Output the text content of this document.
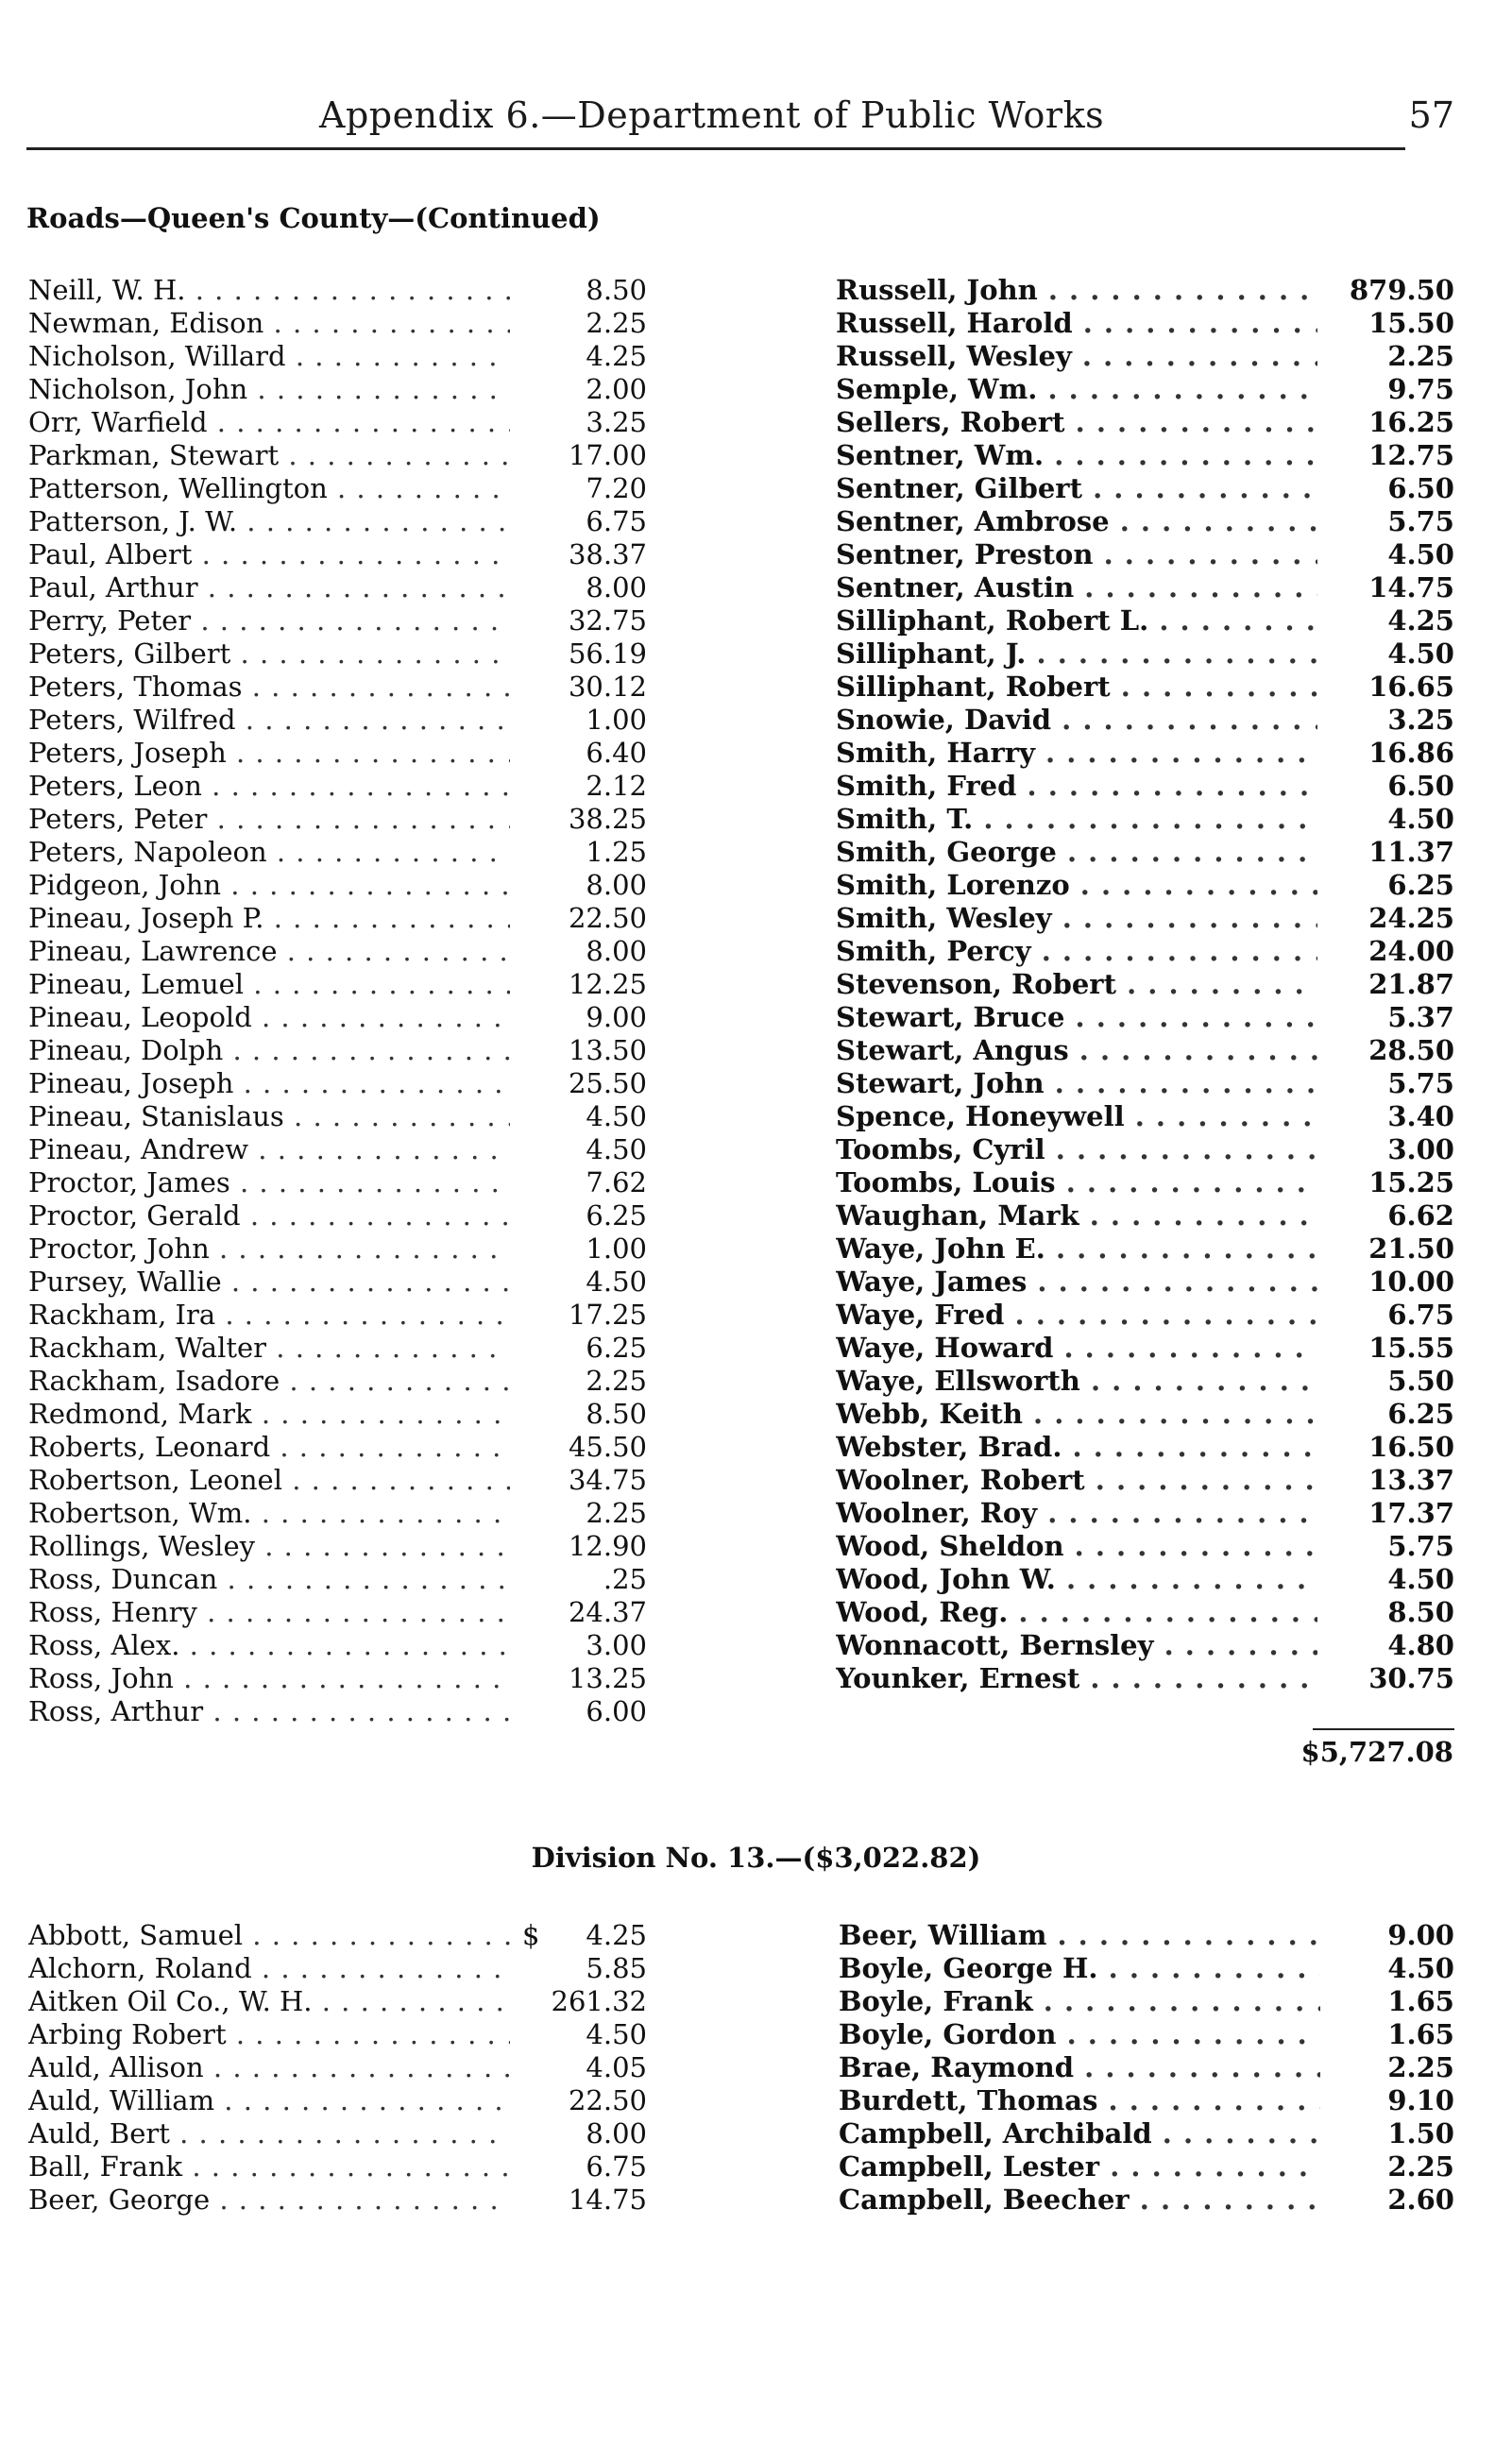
Appendix 6.—Department of Public Works	57
Roads—Queen's County—(Continued)
Neill, W. H. . . .	8.50
Newman, Edison . . .	2.25
Nicholson, Willard . . .	4.25
Nicholson, John . . .	2.00
Orr, Warfield . . .	3.25
Parkman, Stewart . . .	17.00
Patterson, Wellington . . .	7.20
Patterson, J. W. . . .	6.75
Paul, Albert . . .	38.37
Paul, Arthur . . .	8.00
Perry, Peter . . .	32.75
Peters, Gilbert . . .	56.19
Peters, Thomas . . .	30.12
Peters, Wilfred . . .	1.00
Peters, Joseph . . .	6.40
Peters, Leon . . .	2.12
Peters, Peter . . .	38.25
Peters, Napoleon . . .	1.25
Pidgeon, John . . .	8.00
Pineau, Joseph P. . . .	22.50
Pineau, Lawrence . . .	8.00
Pineau, Lemuel . . .	12.25
Pineau, Leopold . . .	9.00
Pineau, Dolph . . .	13.50
Pineau, Joseph . . .	25.50
Pineau, Stanislaus . . .	4.50
Pineau, Andrew . . .	4.50
Proctor, James . . .	7.62
Proctor, Gerald . . .	6.25
Proctor, John . . .	1.00
Pursey, Wallie . . .	4.50
Rackham, Ira . . .	17.25
Rackham, Walter . . .	6.25
Rackham, Isadore . . .	2.25
Redmond, Mark . . .	8.50
Roberts, Leonard . . .	45.50
Robertson, Leonel . . .	34.75
Robertson, Wm. . . .	2.25
Rollings, Wesley . . .	12.90
Ross, Duncan . . .	.25
Ross, Henry . . .	24.37
Ross, Alex. . . .	3.00
Ross, John . . .	13.25
Ross, Arthur . . .	6.00
Russell, John . . .	879.50
Russell, Harold . . .	15.50
Russell, Wesley . . .	2.25
Semple, Wm. . . .	9.75
Sellers, Robert . . .	16.25
Sentner, Wm. . . .	12.75
Sentner, Gilbert . . .	6.50
Sentner, Ambrose . . .	5.75
Sentner, Preston . . .	4.50
Sentner, Austin . . .	14.75
Silliphant, Robert L. . . .	4.25
Silliphant, J. . . .	4.50
Silliphant, Robert . . .	16.65
Snowie, David . . .	3.25
Smith, Harry . . .	16.86
Smith, Fred . . .	6.50
Smith, T. . . .	4.50
Smith, George . . .	11.37
Smith, Lorenzo . . .	6.25
Smith, Wesley . . .	24.25
Smith, Percy . . .	24.00
Stevenson, Robert . . .	21.87
Stewart, Bruce . . .	5.37
Stewart, Angus . . .	28.50
Stewart, John . . .	5.75
Spence, Honeywell . . .	3.40
Toombs, Cyril . . .	3.00
Toombs, Louis . . .	15.25
Waughan, Mark . . .	6.62
Waye, John E. . . .	21.50
Waye, James . . .	10.00
Waye, Fred . . .	6.75
Waye, Howard . . .	15.55
Waye, Ellsworth . . .	5.50
Webb, Keith . . .	6.25
Webster, Brad. . . .	16.50
Woolner, Robert . . .	13.37
Woolner, Roy . . .	17.37
Wood, Sheldon . . .	5.75
Wood, John W. . . .	4.50
Wood, Reg. . . .	8.50
Wonnacott, Bernsley . . .	4.80
Younker, Ernest . . .	30.75
$5,727.08
Division No. 13.—($3,022.82)
Abbott, Samuel . . .	$ 4.25
Alchorn, Roland . . .	5.85
Aitken Oil Co., W. H. . . .	261.32
Arbing Robert . . .	4.50
Auld, Allison . . .	4.05
Auld, William . . .	22.50
Auld, Bert . . .	8.00
Ball, Frank . . .	6.75
Beer, George . . .	14.75
Beer, William . . .	9.00
Boyle, George H. . . .	4.50
Boyle, Frank . . .	1.65
Boyle, Gordon . . .	1.65
Brae, Raymond . . .	2.25
Burdett, Thomas . . .	9.10
Campbell, Archibald . . .	1.50
Campbell, Lester . . .	2.25
Campbell, Beecher . . .	2.60
